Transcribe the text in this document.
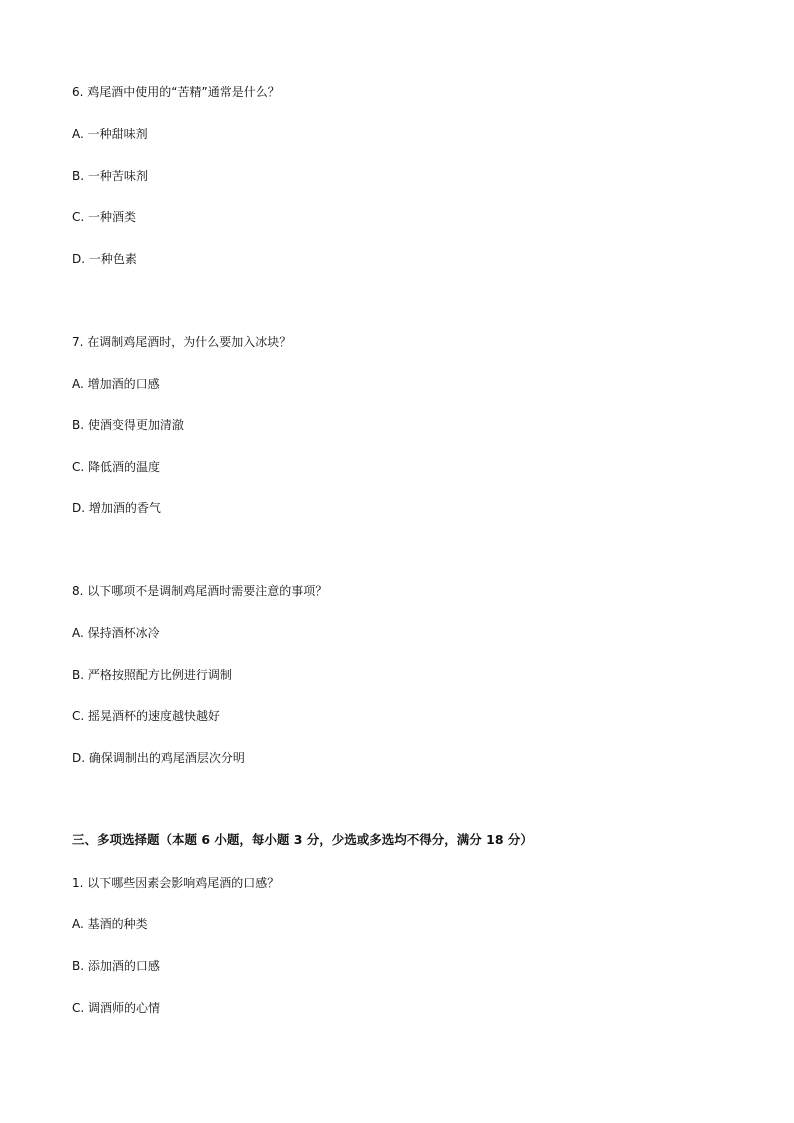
6. 鸡尾酒中使用的“苦精”通常是什么？
A. 一种甜味剂
B. 一种苦味剂
C. 一种酒类
D. 一种色素
7. 在调制鸡尾酒时，为什么要加入冰块？
A. 增加酒的口感
B. 使酒变得更加清澈
C. 降低酒的温度
D. 增加酒的香气
8. 以下哪项不是调制鸡尾酒时需要注意的事项？
A. 保持酒杯冰冷
B. 严格按照配方比例进行调制
C. 摇晃酒杯的速度越快越好
D. 确保调制出的鸡尾酒层次分明
三、多项选择题（本题 6 小题，每小题 3 分，少选或多选均不得分，满分 18 分）
1. 以下哪些因素会影响鸡尾酒的口感？
A. 基酒的种类
B. 添加酒的口感
C. 调酒师的心情
